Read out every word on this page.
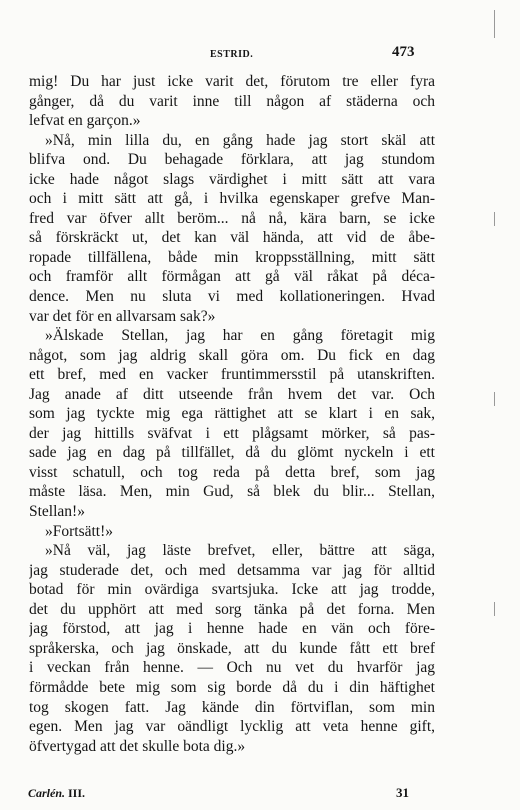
ESTRID.	473
mig! Du har just icke varit det, förutom tre eller fyra
gånger, då du varit inne till någon af städerna och
lefvat en garçon.»
»Nå, min lilla du, en gång hade jag stort skäl att
blifva ond. Du behagade förklara, att jag stundom
icke hade något slags värdighet i mitt sätt att vara
och i mitt sätt att gå, i hvilka egenskaper grefve Man-
fred var öfver allt beröm... nå nå, kära barn, se icke
så förskräckt ut, det kan väl hända, att vid de åbe-
ropade tillfällena, både min kroppsställning, mitt sätt
och framför allt förmågan att gå väl råkat på déca-
dence. Men nu sluta vi med kollationeringen. Hvad
var det för en allvarsam sak?»
»Älskade Stellan, jag har en gång företagit mig
något, som jag aldrig skall göra om. Du fick en dag
ett bref, med en vacker fruntimmersstil på utanskriften.
Jag anade af ditt utseende från hvem det var. Och
som jag tyckte mig ega rättighet att se klart i en sak,
der jag hittills sväfvat i ett plågsamt mörker, så pas-
sade jag en dag på tillfället, då du glömt nyckeln i ett
visst schatull, och tog reda på detta bref, som jag
måste läsa. Men, min Gud, så blek du blir... Stellan,
Stellan!»
»Fortsätt!»
»Nå väl, jag läste brefvet, eller, bättre att säga,
jag studerade det, och med detsamma var jag för alltid
botad för min ovärdiga svartsjuka. Icke att jag trodde,
det du upphört att med sorg tänka på det forna. Men
jag förstod, att jag i henne hade en vän och före-
språkerska, och jag önskade, att du kunde fått ett bref
i veckan från henne. — Och nu vet du hvarför jag
förmådde bete mig som sig borde då du i din häftighet
tog skogen fatt. Jag kände din förtviflan, som min
egen. Men jag var oändligt lycklig att veta henne gift,
öfvertygad att det skulle bota dig.»
Carlén. III.	31
